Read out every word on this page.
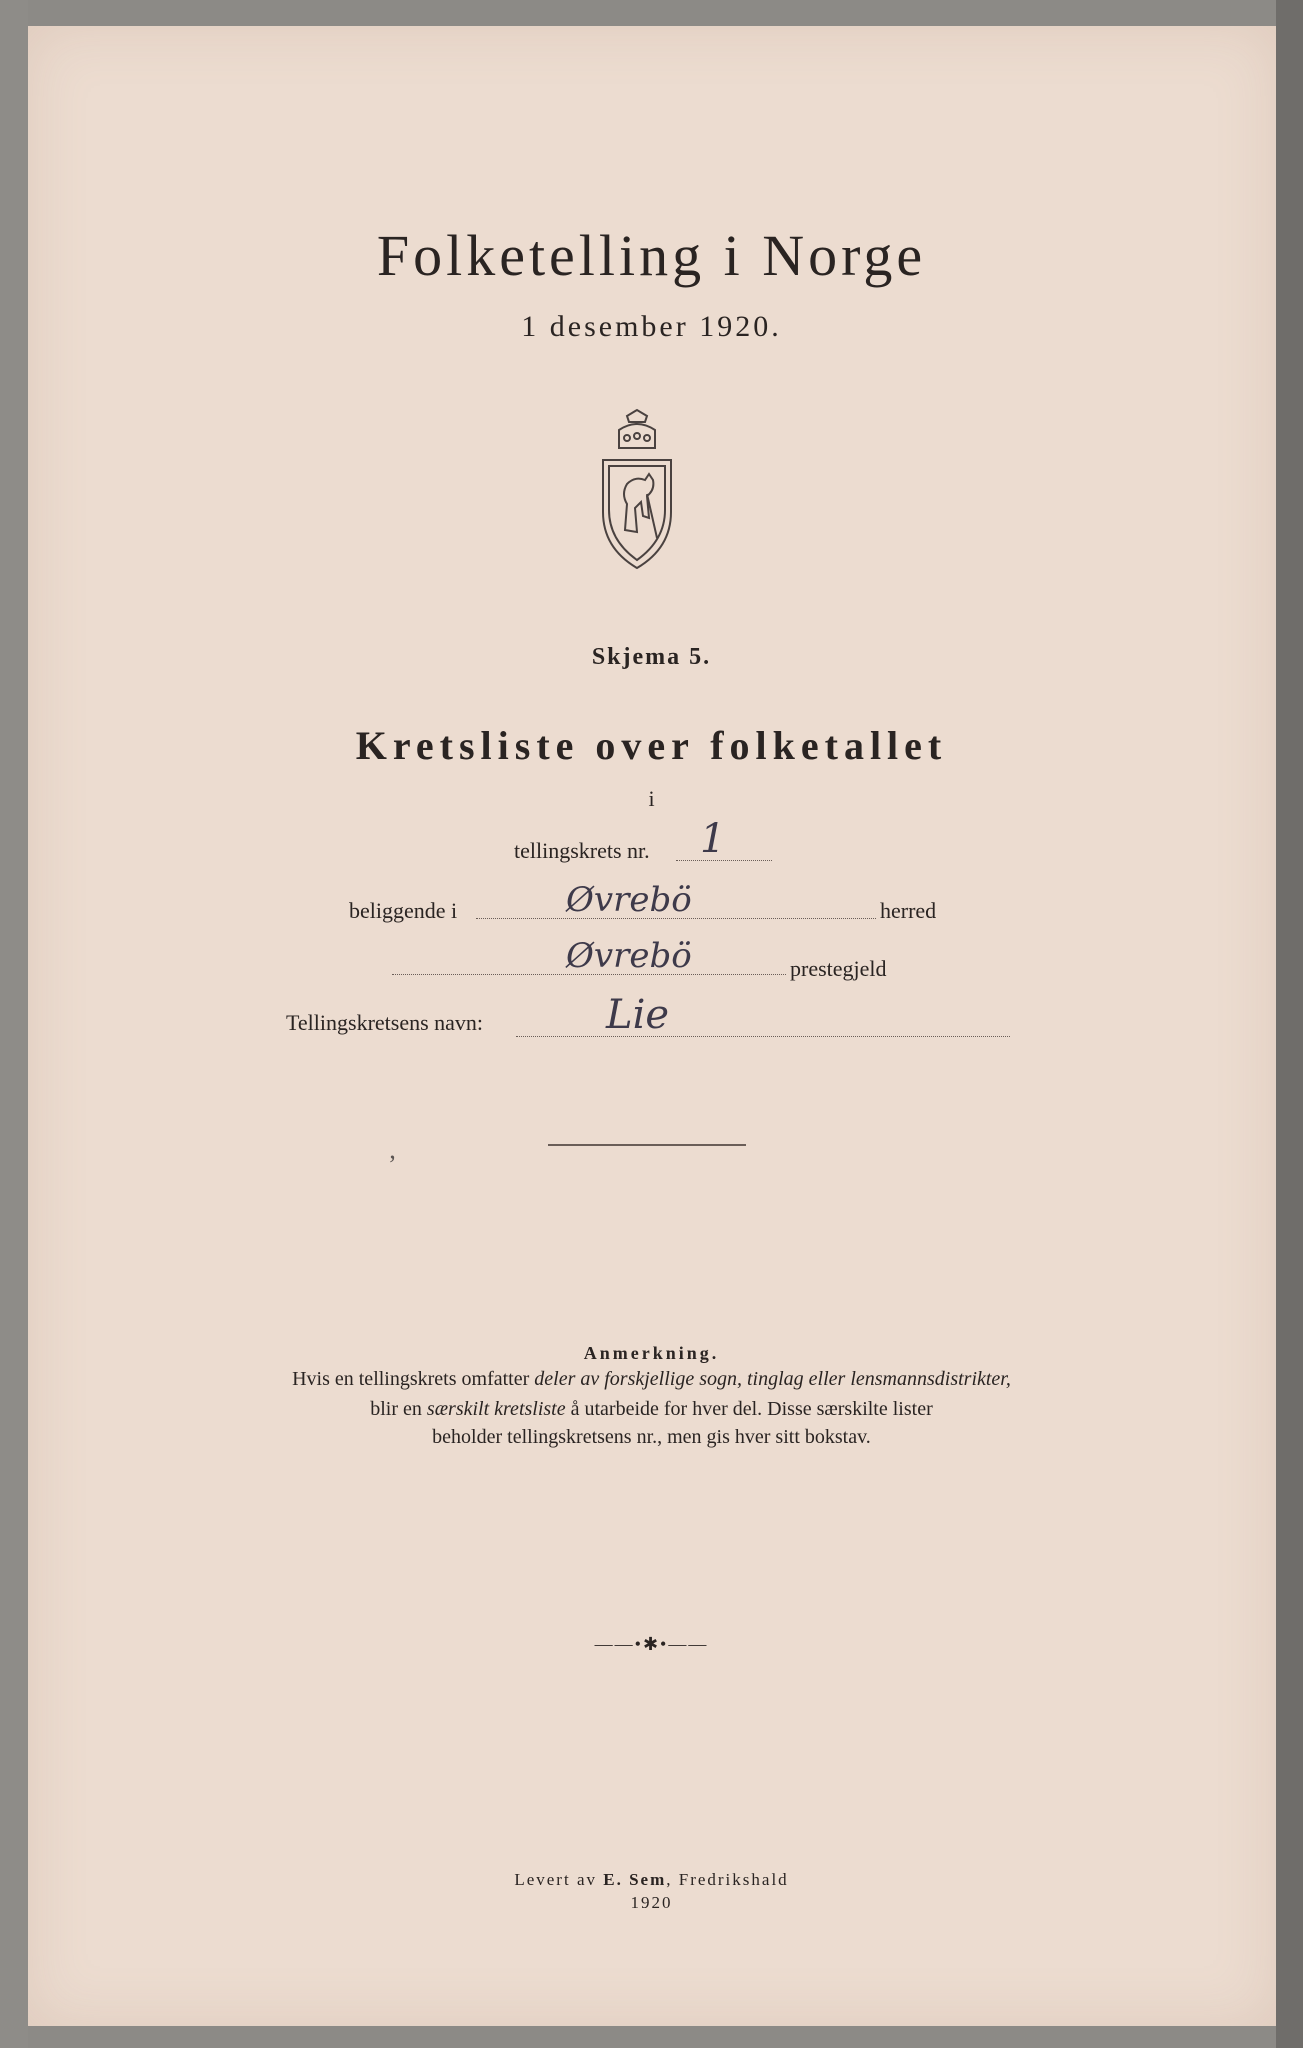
Folketelling i Norge
1 desember 1920.
Skjema 5.
Kretsliste over folketallet
i
tellingskrets nr. 1
beliggende i	Øvrebö	herred
Øvrebö	prestegjeld
Tellingskretsens navn:	Lie
’
Anmerkning.
Hvis en tellingskrets omfatter deler av forskjellige sogn, tinglag eller lensmannsdistrikter,
blir en særskilt kretsliste å utarbeide for hver del. Disse særskilte lister
beholder tellingskretsens nr., men gis hver sitt bokstav.
——•✱•——
Levert av E. Sem, Fredrikshald
1920
